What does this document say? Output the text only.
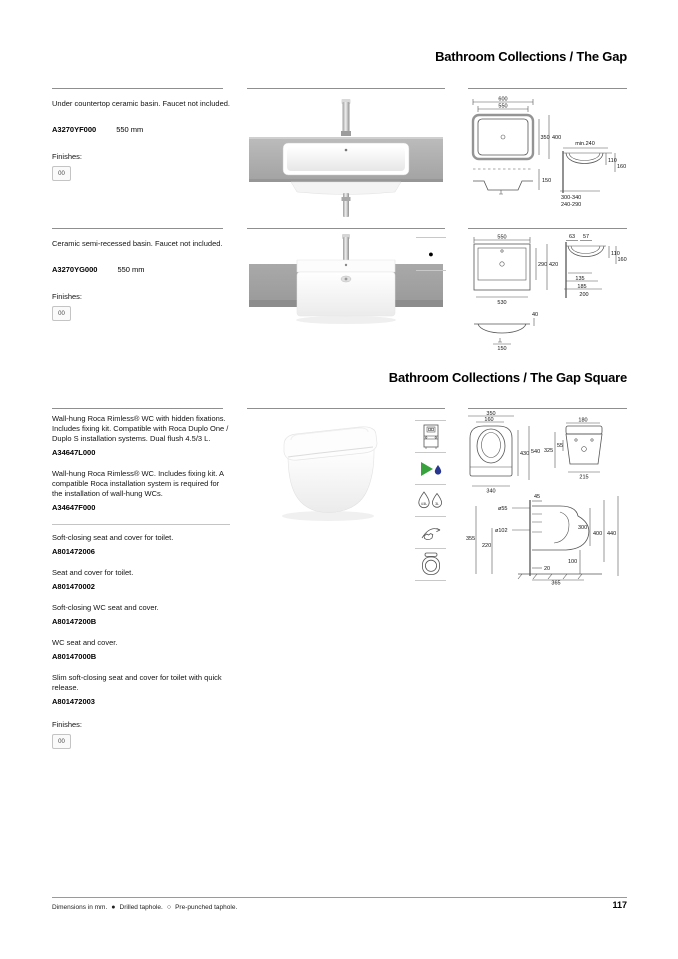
Bathroom Collections / The Gap

Under countertop ceramic basin. Faucet not included.

A3270YF000	550 mm

Finishes:

00
600
550
350 400
150
min.240
110
160
300-340
240-290

Ceramic semi-recessed basin. Faucet not included.

A3270YG000	550 mm

Finishes:

00
●
550
290 420
530
63 57
110
160
135
185
200
40
150
Bathroom Collections / The Gap Square

Wall-hung Roca Rimless® WC with hidden fixations. Includes fixing kit. Compatible with Roca Duplo One / Duplo S installation systems. Dual flush 4.5/3 L.

A34647L000

Wall-hung Roca Rimless® WC. Includes fixing kit. A compatible Roca installation system is required for the installation of wall-hung WCs.

A34647F000

Soft-closing seat and cover for toilet.

A801472006

Seat and cover for toilet.

A801470002

Soft-closing WC seat and cover.

A80147200B

WC seat and cover.

A80147000B

Slim soft-closing seat and cover for toilet with quick release.

A801472003

Finishes:

00
4.5L	3L
350
160
430 540
340
180
325
55
215
45
ø55
ø102
355
220
300
400 440
100
20
365
Dimensions in mm. ● Drilled taphole. ○ Pre-punched taphole.	117
